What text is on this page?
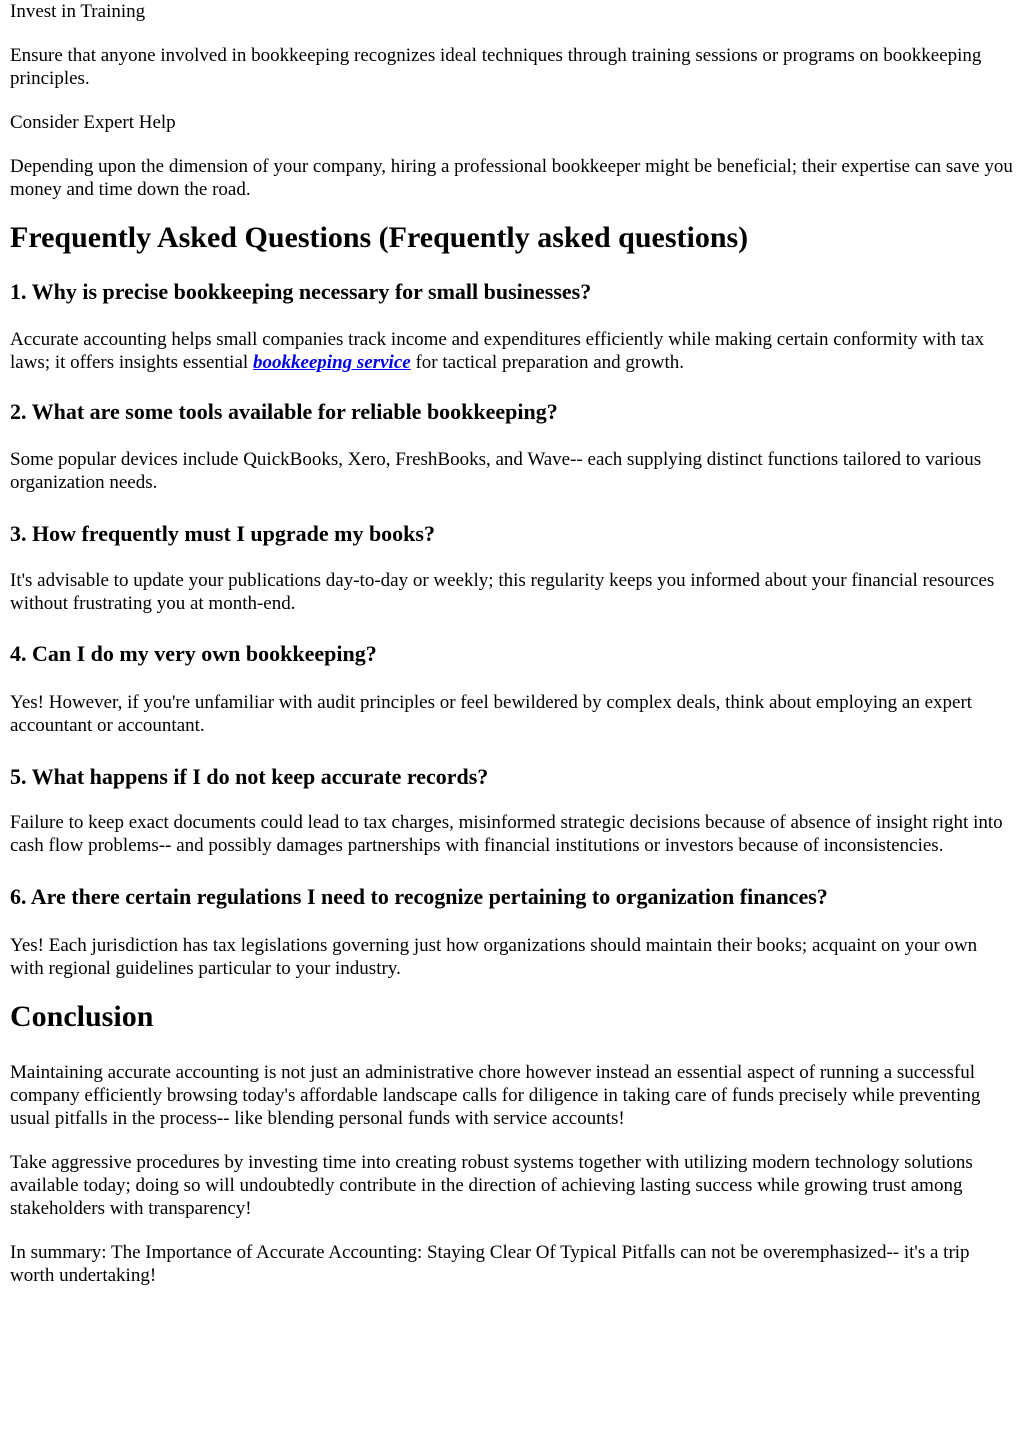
Invest in Training

Ensure that anyone involved in bookkeeping recognizes ideal techniques through training sessions or programs on bookkeeping principles.

Consider Expert Help

Depending upon the dimension of your company, hiring a professional bookkeeper might be beneficial; their expertise can save you money and time down the road.

Frequently Asked Questions (Frequently asked questions)
1. Why is precise bookkeeping necessary for small businesses?

Accurate accounting helps small companies track income and expenditures efficiently while making certain conformity with tax laws; it offers insights essential bookkeeping service for tactical preparation and growth.

2. What are some tools available for reliable bookkeeping?

Some popular devices include QuickBooks, Xero, FreshBooks, and Wave-- each supplying distinct functions tailored to various organization needs.

3. How frequently must I upgrade my books?

It's advisable to update your publications day-to-day or weekly; this regularity keeps you informed about your financial resources without frustrating you at month-end.

4. Can I do my very own bookkeeping?

Yes! However, if you're unfamiliar with audit principles or feel bewildered by complex deals, think about employing an expert accountant or accountant.

5. What happens if I do not keep accurate records?

Failure to keep exact documents could lead to tax charges, misinformed strategic decisions because of absence of insight right into cash flow problems-- and possibly damages partnerships with financial institutions or investors because of inconsistencies.

6. Are there certain regulations I need to recognize pertaining to organization finances?

Yes! Each jurisdiction has tax legislations governing just how organizations should maintain their books; acquaint on your own with regional guidelines particular to your industry.

Conclusion

Maintaining accurate accounting is not just an administrative chore however instead an essential aspect of running a successful company efficiently browsing today's affordable landscape calls for diligence in taking care of funds precisely while preventing usual pitfalls in the process-- like blending personal funds with service accounts!

Take aggressive procedures by investing time into creating robust systems together with utilizing modern technology solutions available today; doing so will undoubtedly contribute in the direction of achieving lasting success while growing trust among stakeholders with transparency!

In summary: The Importance of Accurate Accounting: Staying Clear Of Typical Pitfalls can not be overemphasized-- it's a trip worth undertaking!
